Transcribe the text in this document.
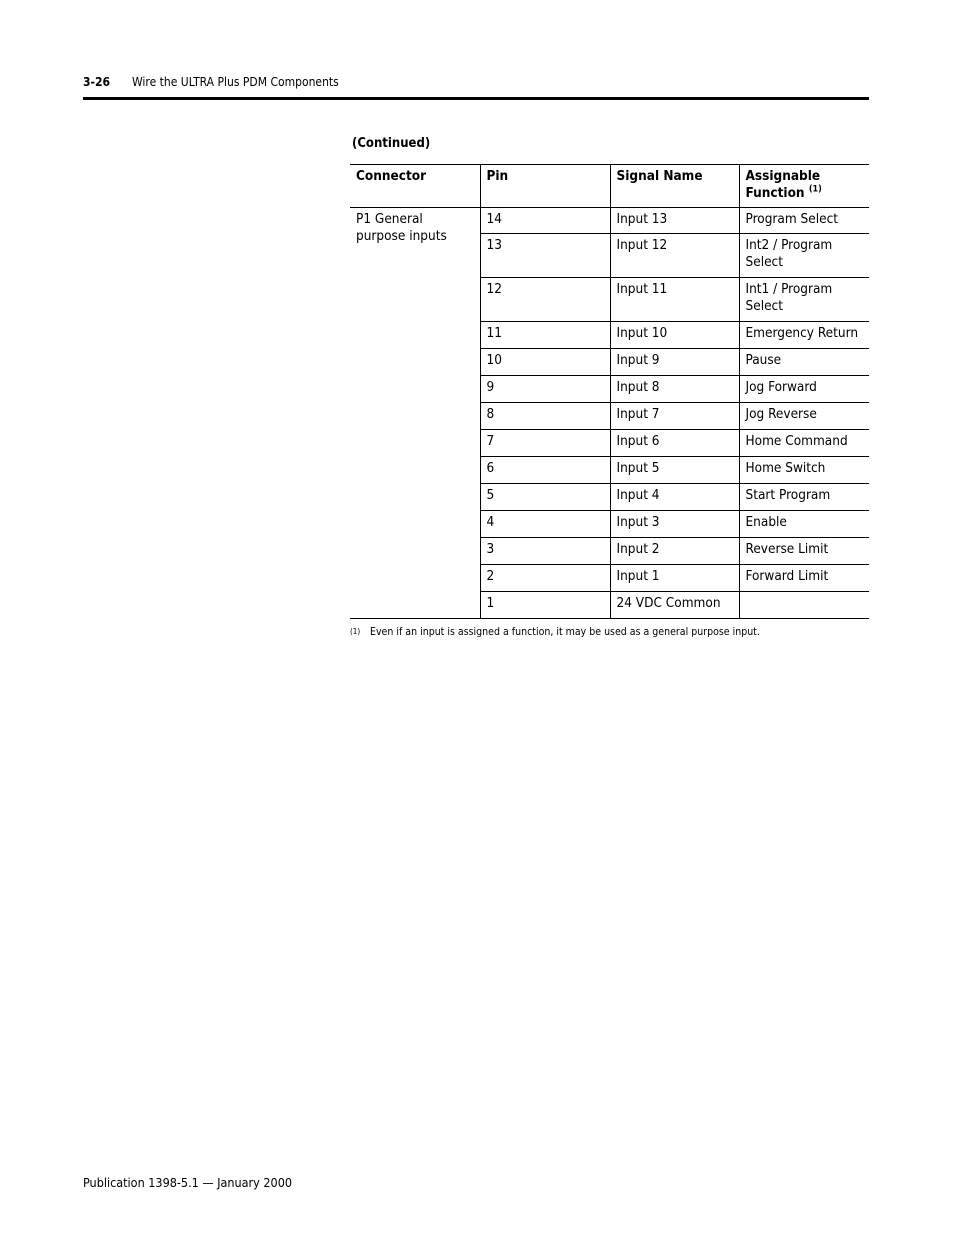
3-26 Wire the ULTRA Plus PDM Components
(Continued)
Connector	Pin	Signal Name	Assignable Function $^{(1)}$
P1 General purpose inputs	14	Input 13	Program Select
	13	Input 12	Int2 / Program Select
	12	Input 11	Int1 / Program Select
	11	Input 10	Emergency Return
	10	Input 9	Pause
	9	Input 8	Jog Forward
	8	Input 7	Jog Reverse
	7	Input 6	Home Command
	6	Input 5	Home Switch
	5	Input 4	Start Program
	4	Input 3	Enable
	3	Input 2	Reverse Limit
	2	Input 1	Forward Limit
	1	24 VDC Common	
(1) Even if an input is assigned a function, it may be used as a general purpose input.
Publication 1398-5.1 — January 2000
